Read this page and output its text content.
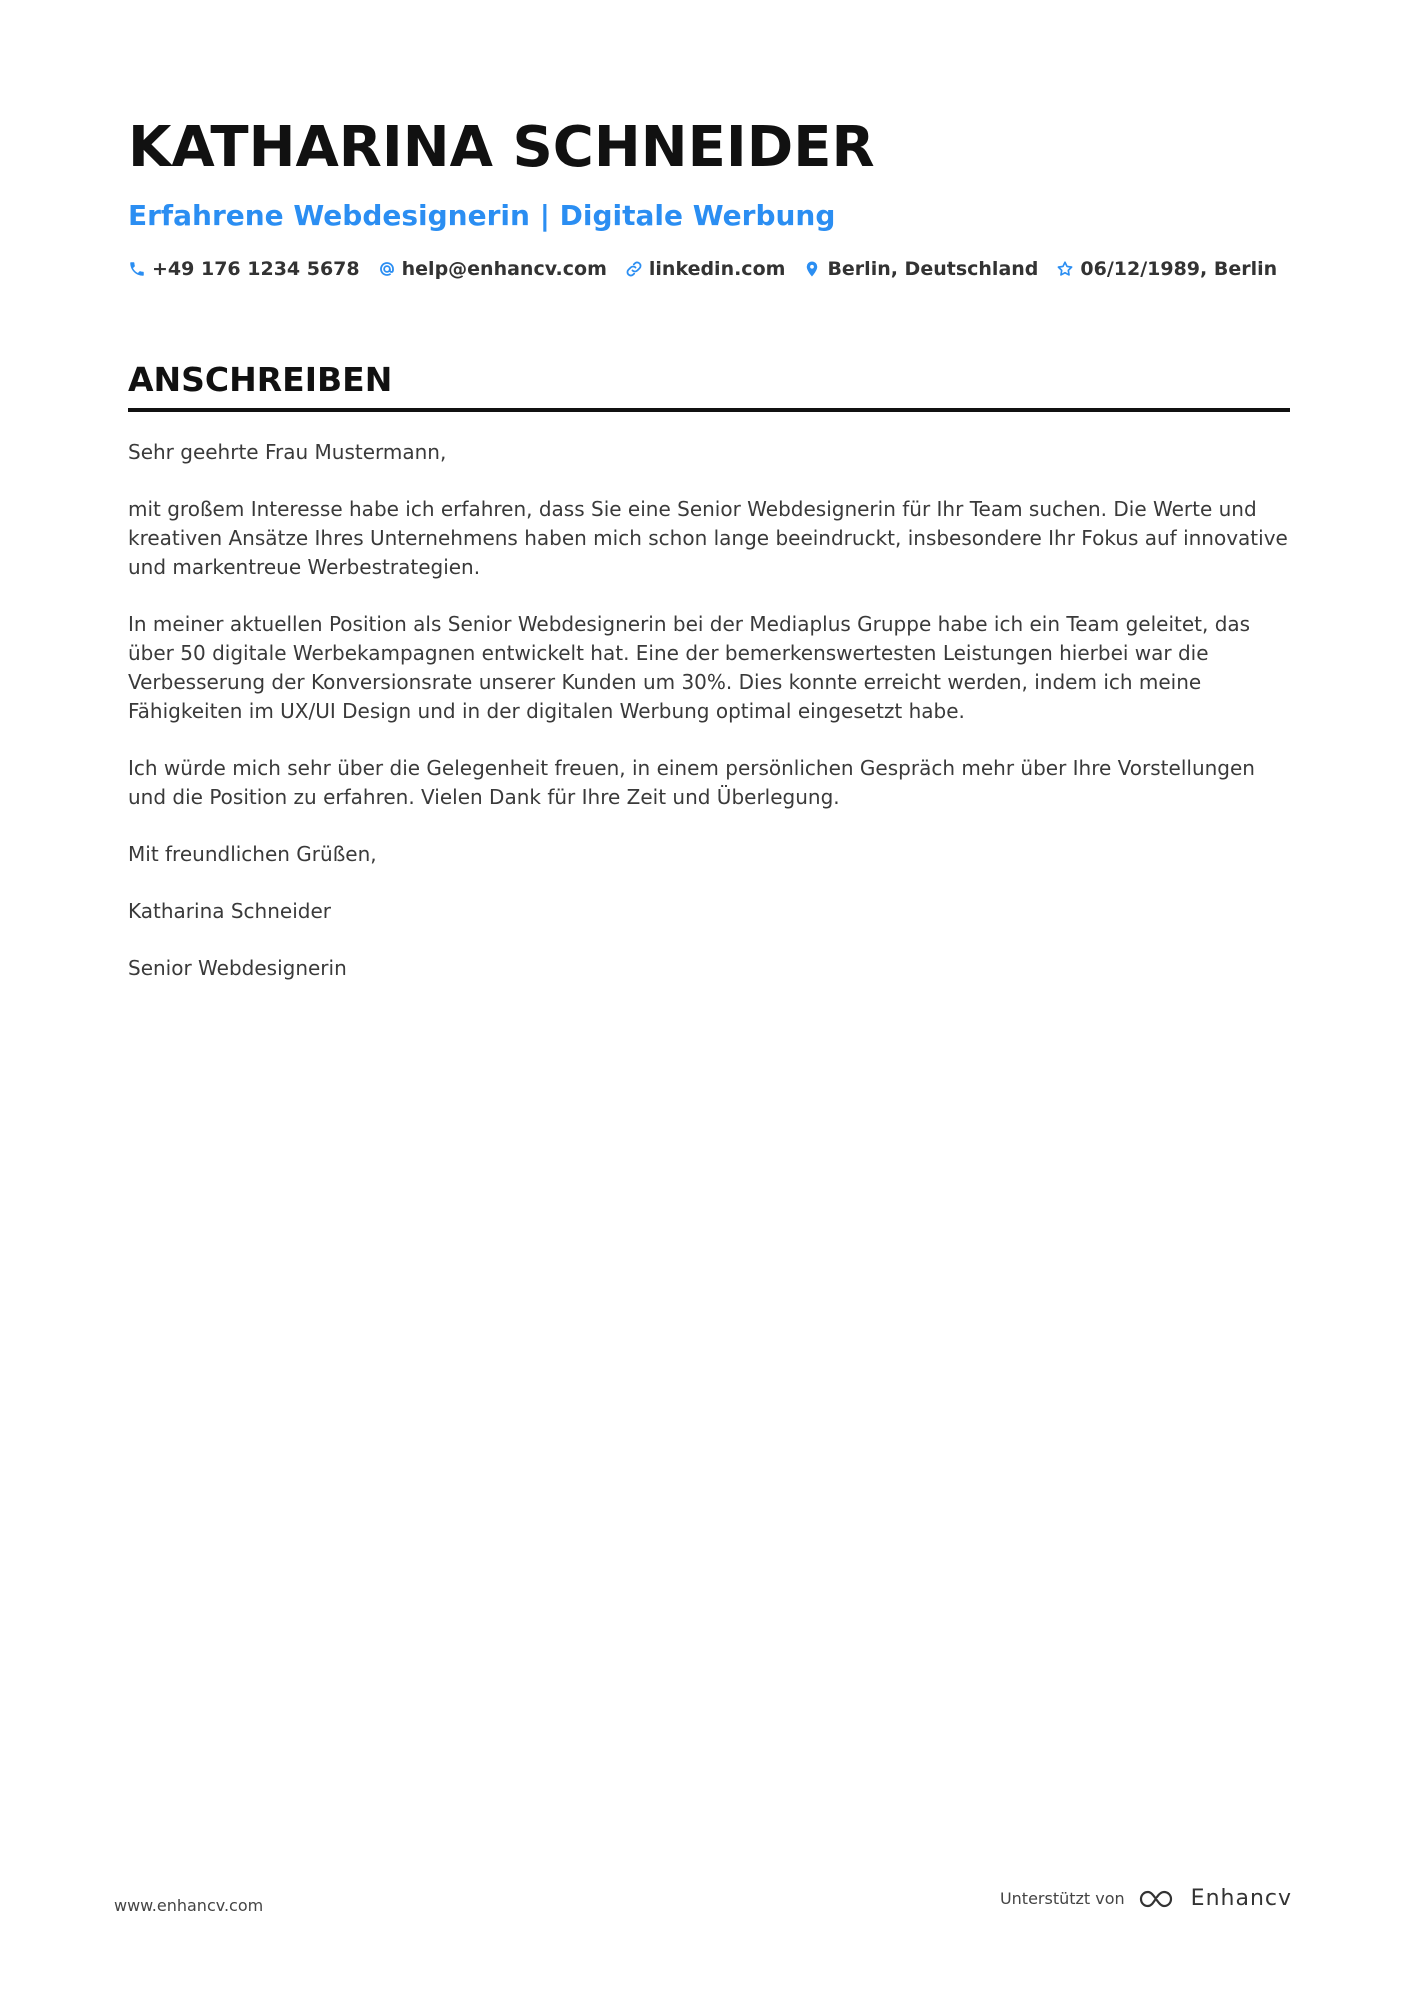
KATHARINA SCHNEIDER
Erfahrene Webdesignerin | Digitale Werbung
+49 176 1234 5678 help@enhancv.com linkedin.com Berlin, Deutschland 06/12/1989, Berlin
ANSCHREIBEN

Sehr geehrte Frau Mustermann,

mit großem Interesse habe ich erfahren, dass Sie eine Senior Webdesignerin für Ihr Team suchen. Die Werte und kreativen Ansätze Ihres Unternehmens haben mich schon lange beeindruckt, insbesondere Ihr Fokus auf innovative und markentreue Werbestrategien.

In meiner aktuellen Position als Senior Webdesignerin bei der Mediaplus Gruppe habe ich ein Team geleitet, das über 50 digitale Werbekampagnen entwickelt hat. Eine der bemerkenswertesten Leistungen hierbei war die Verbesserung der Konversionsrate unserer Kunden um 30%. Dies konnte erreicht werden, indem ich meine Fähigkeiten im UX/UI Design und in der digitalen Werbung optimal eingesetzt habe.

Ich würde mich sehr über die Gelegenheit freuen, in einem persönlichen Gespräch mehr über Ihre Vorstellungen und die Position zu erfahren. Vielen Dank für Ihre Zeit und Überlegung.

Mit freundlichen Grüßen,

Katharina Schneider

Senior Webdesignerin

www.enhancv.com	Unterstützt von	Enhancv
